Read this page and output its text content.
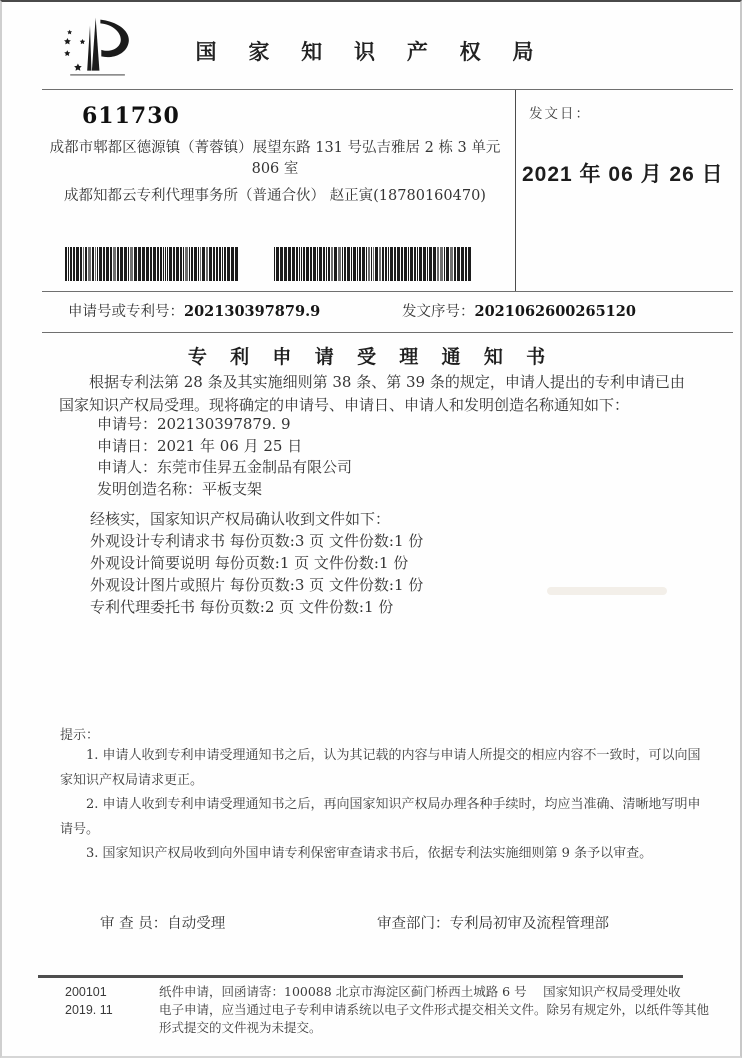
国 家 知 识 产 权 局
发文日：
2021 年 06 月 26 日
611730
成都市郫都区德源镇（菁蓉镇）展望东路 131 号弘吉雅居 2 栋 3 单元
806 室
成都知都云专利代理事务所（普通合伙） 赵正寅(18780160470)
申请号或专利号：202130397879.9	发文序号：2021062600265120
专 利 申 请 受 理 通 知 书
根据专利法第 28 条及其实施细则第 38 条、第 39 条的规定，申请人提出的专利申请已由国家知识产权局受理。现将确定的申请号、申请日、申请人和发明创造名称通知如下：
申请号：202130397879. 9
申请日：2021 年 06 月 25 日
申请人：东莞市佳昇五金制品有限公司
发明创造名称：平板支架
经核实，国家知识产权局确认收到文件如下：
外观设计专利请求书 每份页数:3 页 文件份数:1 份
外观设计简要说明 每份页数:1 页 文件份数:1 份
外观设计图片或照片 每份页数:3 页 文件份数:1 份
专利代理委托书 每份页数:2 页 文件份数:1 份
提示：

1. 申请人收到专利申请受理通知书之后，认为其记载的内容与申请人所提交的相应内容不一致时，可以向国家知识产权局请求更正。

2. 申请人收到专利申请受理通知书之后，再向国家知识产权局办理各种手续时，均应当准确、清晰地写明申请号。

3. 国家知识产权局收到向外国申请专利保密审查请求书后，依据专利法实施细则第 9 条予以审查。

审 查 员：自动受理	审查部门：专利局初审及流程管理部
200101
2019. 11
纸件申请，回函请寄：100088 北京市海淀区蓟门桥西土城路 6 号　 国家知识产权局受理处收
电子申请，应当通过电子专利申请系统以电子文件形式提交相关文件。除另有规定外，以纸件等其他形式提交的文件视为未提交。
